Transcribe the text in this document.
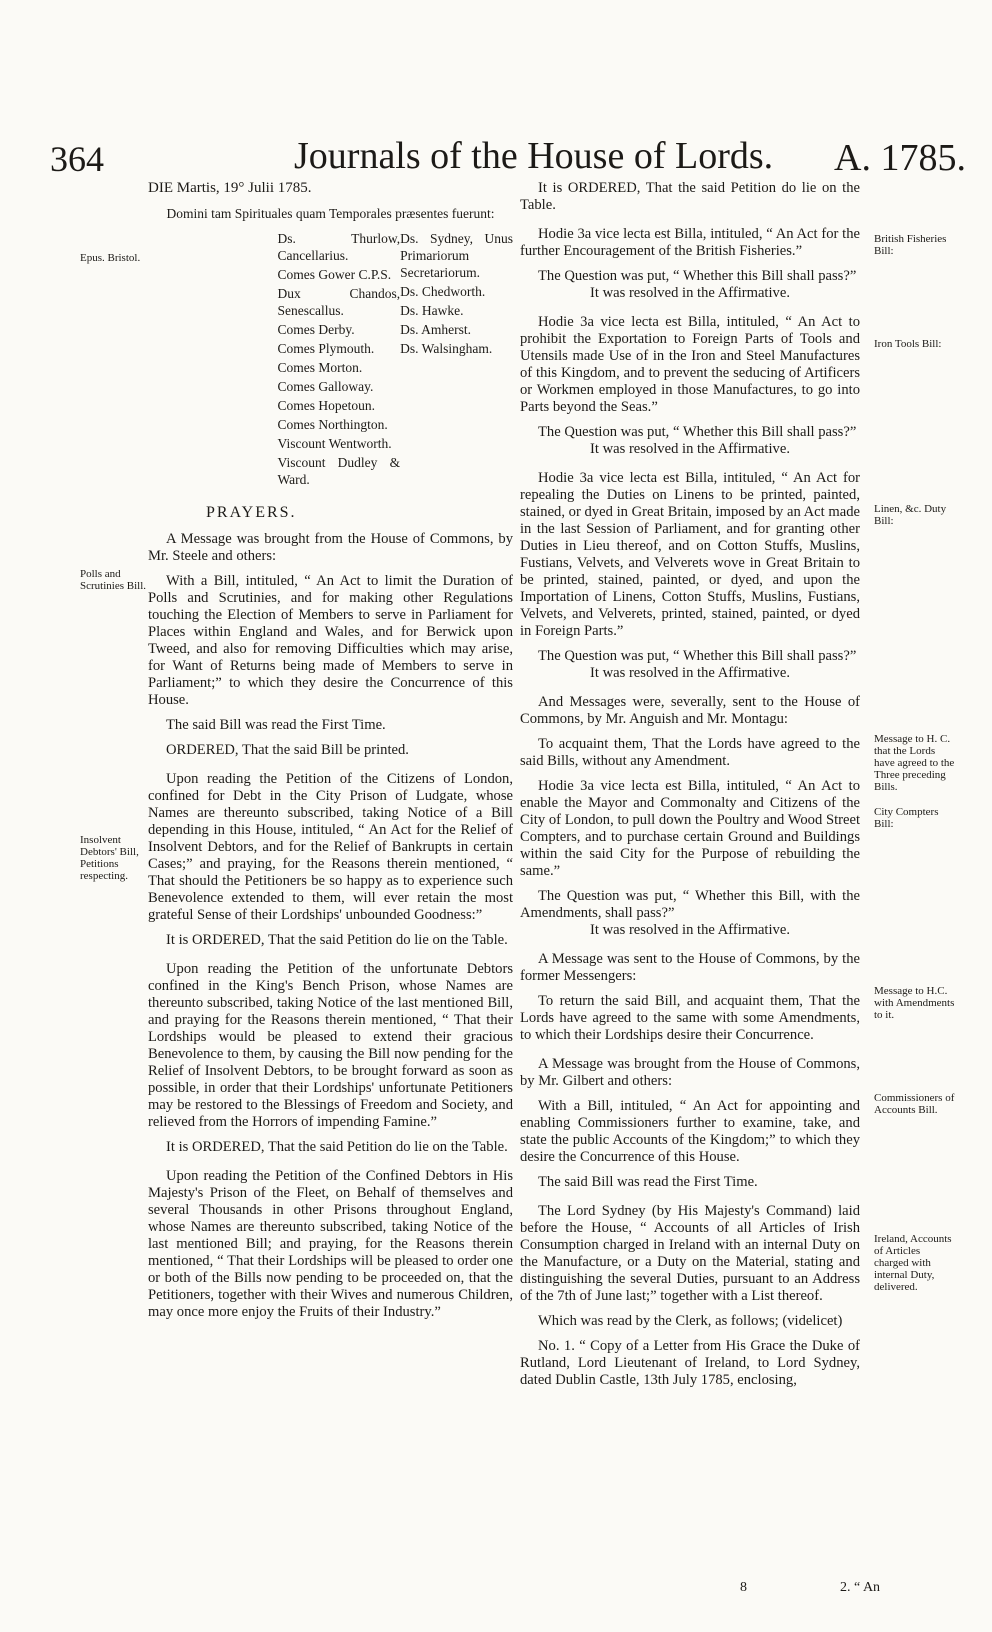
364	Journals of the House of Lords. A. 1785.
Epus. Bristol.
Polls and Scrutinies Bill.
Insolvent Debtors' Bill, Petitions respecting.
British Fisheries Bill:
Iron Tools Bill:
Linen, &c. Duty Bill:
Message to H. C. that the Lords have agreed to the Three preceding Bills.
City Compters Bill:
Message to H.C. with Amendments to it.
Commissioners of Accounts Bill.
Ireland, Accounts of Articles charged with internal Duty, delivered.

DIE Martis, 19° Julii 1785.

Domini tam Spirituales quam Temporales præsentes fuerunt:

Ds. Thurlow, Cancellarius.
Comes Gower C.P.S.
Dux Chandos, Senescallus.
Comes Derby.
Comes Plymouth.
Comes Morton.
Comes Galloway.
Comes Hopetoun.
Comes Northington.
Viscount Wentworth.
Viscount Dudley & Ward.
Ds. Sydney, Unus Primariorum Secretariorum.
Ds. Chedworth.
Ds. Hawke.
Ds. Amherst.
Ds. Walsingham.

PRAYERS.

A Message was brought from the House of Commons, by Mr. Steele and others:

With a Bill, intituled, “ An Act to limit the Duration of Polls and Scrutinies, and for making other Regulations touching the Election of Members to serve in Parliament for Places within England and Wales, and for Berwick upon Tweed, and also for removing Difficulties which may arise, for Want of Returns being made of Members to serve in Parliament;” to which they desire the Concurrence of this House.

The said Bill was read the First Time.

ORDERED, That the said Bill be printed.

Upon reading the Petition of the Citizens of London, confined for Debt in the City Prison of Ludgate, whose Names are thereunto subscribed, taking Notice of a Bill depending in this House, intituled, “ An Act for the Relief of Insolvent Debtors, and for the Relief of Bankrupts in certain Cases;” and praying, for the Reasons therein mentioned, “ That should the Petitioners be so happy as to experience such Benevolence extended to them, will ever retain the most grateful Sense of their Lordships' unbounded Goodness:”

It is ORDERED, That the said Petition do lie on the Table.

Upon reading the Petition of the unfortunate Debtors confined in the King's Bench Prison, whose Names are thereunto subscribed, taking Notice of the last mentioned Bill, and praying for the Reasons therein mentioned, “ That their Lordships would be pleased to extend their gracious Benevolence to them, by causing the Bill now pending for the Relief of Insolvent Debtors, to be brought forward as soon as possible, in order that their Lordships' unfortunate Petitioners may be restored to the Blessings of Freedom and Society, and relieved from the Horrors of impending Famine.”

It is ORDERED, That the said Petition do lie on the Table.

Upon reading the Petition of the Confined Debtors in His Majesty's Prison of the Fleet, on Behalf of themselves and several Thousands in other Prisons throughout England, whose Names are thereunto subscribed, taking Notice of the last mentioned Bill; and praying, for the Reasons therein mentioned, “ That their Lordships will be pleased to order one or both of the Bills now pending to be proceeded on, that the Petitioners, together with their Wives and numerous Children, may once more enjoy the Fruits of their Industry.”

It is ORDERED, That the said Petition do lie on the Table.

Hodie 3a vice lecta est Billa, intituled, “ An Act for the further Encouragement of the British Fisheries.”

The Question was put, “ Whether this Bill shall pass?”

It was resolved in the Affirmative.

Hodie 3a vice lecta est Billa, intituled, “ An Act to prohibit the Exportation to Foreign Parts of Tools and Utensils made Use of in the Iron and Steel Manufactures of this Kingdom, and to prevent the seducing of Artificers or Workmen employed in those Manufactures, to go into Parts beyond the Seas.”

The Question was put, “ Whether this Bill shall pass?”

It was resolved in the Affirmative.

Hodie 3a vice lecta est Billa, intituled, “ An Act for repealing the Duties on Linens to be printed, painted, stained, or dyed in Great Britain, imposed by an Act made in the last Session of Parliament, and for granting other Duties in Lieu thereof, and on Cotton Stuffs, Muslins, Fustians, Velvets, and Velverets wove in Great Britain to be printed, stained, painted, or dyed, and upon the Importation of Linens, Cotton Stuffs, Muslins, Fustians, Velvets, and Velverets, printed, stained, painted, or dyed in Foreign Parts.”

The Question was put, “ Whether this Bill shall pass?”

It was resolved in the Affirmative.

And Messages were, severally, sent to the House of Commons, by Mr. Anguish and Mr. Montagu:

To acquaint them, That the Lords have agreed to the said Bills, without any Amendment.

Hodie 3a vice lecta est Billa, intituled, “ An Act to enable the Mayor and Commonalty and Citizens of the City of London, to pull down the Poultry and Wood Street Compters, and to purchase certain Ground and Buildings within the said City for the Purpose of rebuilding the same.”

The Question was put, “ Whether this Bill, with the Amendments, shall pass?”

It was resolved in the Affirmative.

A Message was sent to the House of Commons, by the former Messengers:

To return the said Bill, and acquaint them, That the Lords have agreed to the same with some Amendments, to which their Lordships desire their Concurrence.

A Message was brought from the House of Commons, by Mr. Gilbert and others:

With a Bill, intituled, “ An Act for appointing and enabling Commissioners further to examine, take, and state the public Accounts of the Kingdom;” to which they desire the Concurrence of this House.

The said Bill was read the First Time.

The Lord Sydney (by His Majesty's Command) laid before the House, “ Accounts of all Articles of Irish Consumption charged in Ireland with an internal Duty on the Manufacture, or a Duty on the Material, stating and distinguishing the several Duties, pursuant to an Address of the 7th of June last;” together with a List thereof.

Which was read by the Clerk, as follows; (videlicet)

No. 1. “ Copy of a Letter from His Grace the Duke of Rutland, Lord Lieutenant of Ireland, to Lord Sydney, dated Dublin Castle, 13th July 1785, enclosing,

8	2. “ An
